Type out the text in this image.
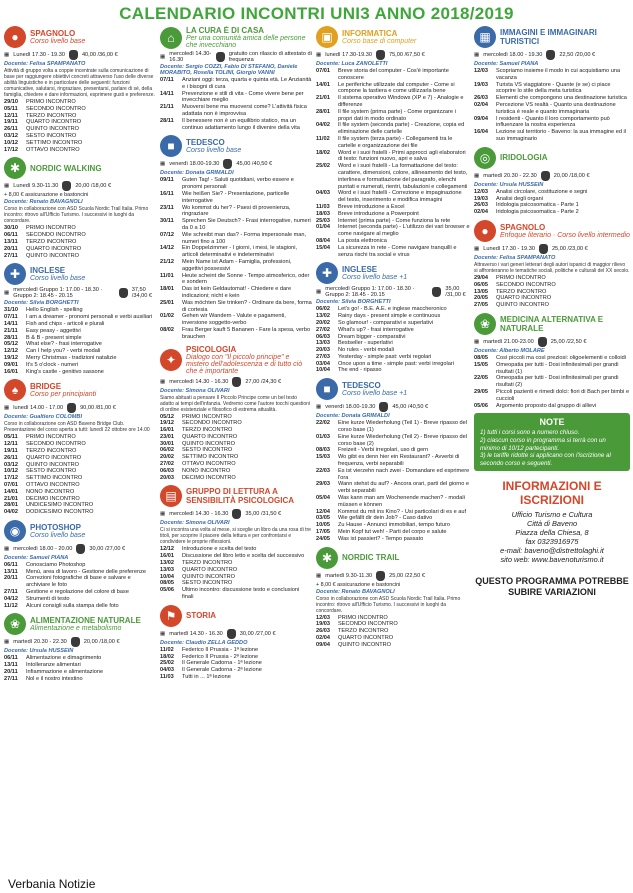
CALENDARIO INCONTRI UNI3 ANNO 2018/2019
●	SPAGNOLO
Corso livello base
▦ Lunedì 17.30 - 19.30	40,00 /36,00 €
Docente: Felisa SPAMPANATO
Attività di gruppo volta a coppie incentrate sulla comunicazione di base per raggiungere obiettivi concreti attraverso l'uso delle diverse abilità linguistiche e in particolare delle seguenti: funzioni comunicative, salutarsi, ringraziare, presentarsi, parlare di sé, della famiglia, chiedere e dare informazioni, esprimere gusti e preferenze.
29/10	PRIMO INCONTRO
05/11	SECONDO INCONTRO
12/11	TERZO INCONTRO
19/11	QUARTO INCONTRO
26/11	QUINTO INCONTRO
03/12	SESTO INCONTRO
10/12	SETTIMO INCONTRO
17/12	OTTAVO INCONTRO
✱	NORDIC WALKING
▦ Lunedì 9.30-11.30	20,00 /18,00 €
+ 8,00 € assicurazione e bastoncini
Docente: Renato BAVAGNOLI
Corso in collaborazione con ASD Scuola Nordic Trail Italia. Primo incontro: ritrovo all'Ufficio Turismo. I successivi in luoghi da concordare.
30/10	PRIMO INCONTRO
06/11	SECONDO INCONTRO
13/11	TERZO INCONTRO
20/11	QUARTO INCONTRO
27/11	QUINTO INCONTRO
✚	INGLESE
Corso livello base
▦ mercoledì Gruppo 1: 17.00 - 18.30 · Gruppo 2: 18.45 - 20.15
37,50 /34,00 €
Docente: Silvia BORGHETTI
31/10	Hello English - spelling
07/11	I am a dreamer - pronomi personali e verbi ausiliari
14/11	Fish and chips - articoli e plurali
21/11	Easy peasy - aggettivi
28/11	B & B - present simple
05/12	What else? - frasi interrogative
12/12	Can I help you? - verbi modali
19/12	Merry Christmas - tradizioni natalizie
09/01	It's 5 o'clock - numeri
16/01	King's castle - genitivo sassone
♠	BRIDGE
Corso per principianti
▦ lunedì 14.00 - 17.00	90,00 /81,00 €
Docente: Gualtiero COLOMBI
Corso in collaborazione con ASD Baveno Bridge Club. Presentazione del corso aperta a tutti: lunedì 22 ottobre ore 14.00
05/11	PRIMO INCONTRO
12/11	SECONDO INCONTRO
19/11	TERZO INCONTRO
26/11	QUARTO INCONTRO
03/12	QUINTO INCONTRO
10/12	SESTO INCONTRO
17/12	SETTIMO INCONTRO
07/01	OTTAVO INCONTRO
14/01	NONO INCONTRO
21/01	DECIMO INCONTRO
28/01	UNDICESIMO INCONTRO
04/02	DODICESIMO INCONTRO
◉	PHOTOSHOP
Corso livello base
▦ mercoledì 18.00 - 20.00	30,00 /27,00 €
Docente: Samuel PIANA
06/11	Conosciamo Photoshop
13/11	Menù, area di lavoro - Gestione delle preferenze
20/11	Correzioni fotografiche di base e salvare e archiviare le foto
27/11	Gestione e regolazione del colore di base
04/12	Strumenti di testo
11/12	Alcuni consigli sulla stampa delle foto
❀	ALIMENTAZIONE NATURALE
Alimentazione e metabolismo
▦ martedì 20.30 - 22.30	20,00 /18,00 €
Docente: Ursula HUSSEIN
06/11	Alimentazione e dimagrimento
13/11	Intolleranze alimentari
20/11	Infiammazione e alimentazione
27/11	Nol e il nostro intestino
⌂	LA CURA È DI CASA
Per una comunità amica delle persone che invecchiano
▦ mercoledì 14.30-16.30
gratuito con rilascio di attestato di frequenza
Docente: Sergio COZZI, Fabio DI STEFANO, Daniele MORABITO, Rosella TOLINI, Giorgio VANNI
07/11	Anziani oggi: terza, quarta e quinta età. Le Anzianità e i bisogni di cura
14/11	Prevenzione e stili di vita - Come vivere bene per invecchiare meglio
21/11	Muoversi bene ma muoversi come? L'attività fisica adattata non è improvvisa
28/11	Il benessere non è un equilibrio statico, ma un continuo adattamento lungo il divenire della vita
■	TEDESCO
Corso livello base
▦ venerdì 18.00-19.30	45,00 /40,50 €
Docente: Donata GRIMALDI
09/11	Guten Tag! - Saluti quotidiani, verbo essere e pronomi personali
16/11	Wie heißen Sie? - Presentazione, particelle interrogative
23/11	Wo kommst du her? - Paesi di provenienza, ringraziare
30/11	Sprechen Sie Deutsch? - Frasi interrogative, numeri da 0 a 10
07/12	Wie schreibt man das? - Forma impersonale man, numeri fino a 100
14/12	Ein Doppelzimmer - I giorni, i mesi, le stagioni, articoli determinativi e indeterminativi
21/12	Mein Name ist Adam - Famiglia, professioni, aggettivi possessivi
11/01	Heute scheint die Sonne - Tempo atmosferico, oder e sondern
18/01	Das ist kein Geldautomat! - Chiedere e dare indicazioni; nicht e kein
25/01	Was möchten Sie trinken? - Ordinare da bere, forma di cortesia
01/02	Gehen wir Wandern - Valute e pagamenti, inversione soggetto-verbo
08/02	Frau Berger kauft 5 Bananen - Fare la spesa, verbo brauchen
✦
PSICOLOGIA
Dialogo con "Il piccolo principe" e mistero dell'adolescenza e di tutto ciò che è importante
▦ mercoledì 14.30 - 16.30	27,00 /24,30 €
Docente: Simona OLIVARI
Siamo abituati a pensare Il Piccolo Principe come un bel testo adatto ai tempi dell'infanzia. Vedremo come l'autore tocchi questioni di ordine esistenziale e filosofico di estrema attualità.
05/12	PRIMO INCONTRO
19/12	SECONDO INCONTRO
16/01	TERZO INCONTRO
23/01	QUARTO INCONTRO
30/01	QUINTO INCONTRO
06/02	SESTO INCONTRO
20/02	SETTIMO INCONTRO
27/02	OTTAVO INCONTRO
06/03	NONO INCONTRO
20/03	DECIMO INCONTRO
▤	GRUPPO DI LETTURA A SENSIBILITÀ PSICOLOGICA
▦ mercoledì 14.30 - 16.30	35,00 /31,50 €
Docente: Simona OLIVARI
Ci si incontra una volta al mese, si sceglie un libro da una rosa di tre titoli, per scoprire il piacere della lettura e per confrontarsi e condividere le proprie riflessioni.
12/12	Introduzione e scelta del testo
16/01	Discussione del libro letto e scelta del successivo
13/02	TERZO INCONTRO
13/03	QUARTO INCONTRO
10/04	QUINTO INCONTRO
08/05	SESTO INCONTRO
05/06	Ultimo incontro: discussione testo e conclusioni finali
⚑	STORIA
▦ martedì 14.30 - 16.30	30,00 /27,00 €
Docente: Claudio ZELLA GEDDO
11/02	Federico II Prussia - 1ª lezione
18/02	Federico II Prussia - 2ª lezione
25/02	Il Generale Cadorna - 1ª lezione
04/03	Il Generale Cadorna - 2ª lezione
11/03	Tutti in ... 1ª lezione
▣	INFORMATICA
Corso base di computer
▦ lunedì 17.30-19.30	75,00 /67,50 €
Docente: Luca ZANOLETTI
07/01	Breve storia del computer - Cos'è importante conoscere
14/01	Le periferiche utilizzate dal computer - Come si compone la tastiera e come utilizzarla bene
21/01	Il sistema operativo Windows (XP e 7) - Analogie e differenze
28/01	Il file system (prima parte) - Come organizzare i propri dati in modo ordinato
04/02	Il file system (seconda parte) - Creazione, copia ed eliminazione delle cartelle
11/02	Il file system (terza parte) - Collegamenti tra le cartelle e organizzazione dei file
18/02	Word e i suoi fratelli - Primi approcci agli elaboratori di testo: funzioni nuovo, apri e salva
25/02	Word e i suoi fratelli - La formattazione del testo: carattere, dimensioni, colore, allineamento del testo, interlinea e formattazione del paragrafo, elenchi puntati e numerati, rientri, tabulazioni e collegamenti
04/03	Word e i suoi fratelli - Correzione e impaginazione del testo, inserimento e modifica immagini
11/03	Breve introduzione a Excel
18/03	Breve introduzione a Powerpoint
25/03	Internet (prima parte) - Come funziona la rete
01/04	Internet (seconda parte) - L'utilizzo dei vari browser e come navigare al meglio
08/04	La posta elettronica
15/04	La sicurezza in rete - Come navigare tranquilli e senza rischi tra social e virus
✚	INGLESE
Corso livello base +1
▦ mercoledì Gruppo 1: 17.00 - 18.30 · Gruppo 2: 18.45 - 20.15
35,00 /31,00 €
Docente: Silvia BORGHETTI
06/02	Let's go! - B.E. A.E. e inglese maccheronico
13/02	Rainy days - present simple e continuous
20/02	So glamour! - comparativi e superlativi
27/02	What's up? - frasi interrogative
06/03	Dream bigger - comparativi
13/03	Bestseller - superlativi
20/03	No rules - verbi modali
27/03	Yesterday - simple past: verbi regolari
03/04	Once upon a time - simple past: verbi irregolari
10/04	The end - ripasso
■	TEDESCO
Corso livello base +1
▦ venerdì 18.00-19.30	45,00 /40,50 €
Docente: Donata GRIMALDI
22/02	Eine kurze Wiederholung (Teil 1) - Breve ripasso del corso base (1)
01/03	Eine kurze Wiederholung (Teil 2) - Breve ripasso del corso base (2)
08/03	Freizeit - Verbi irregolari, uso di gern
15/03	Wo gibt es denn hier ein Restaurant? - Avverbi di frequenza, verbi separabili
22/03	Es ist vierzehn nach zwei - Domandare ed esprimere l'ora
29/03	Wann stehst du auf? - Ancora orari, parti del giorno e verbi separabili
05/04	Was kann man am Wochenende machen? - modali müssen e können
12/04	Kommst du mit ins Kino? - Usi particolari di es e auf
03/05	Wie gefällt dir dein Job? - Caso dativo
10/05	Zu Hause - Annunci immobiliari, tempo futuro
17/05	Mein Kopf tut weh! - Parti del corpo e salute
24/05	Was ist passiert? - Tempo passato
✱	NORDIC TRAIL
▦ martedì 9.30-11.30	25,00 /22,50 €
+ 8,00 € assicurazione e bastoncini
Docente: Renato BAVAGNOLI
Corso in collaborazione con ASD Scuola Nordic Trail Italia. Primo incontro: ritrovo all'Ufficio Turismo. I successivi in luoghi da concordare.
12/03	PRIMO INCONTRO
19/03	SECONDO INCONTRO
26/03	TERZO INCONTRO
02/04	QUARTO INCONTRO
09/04	QUINTO INCONTRO
▦	IMMAGINI E IMMAGINARI TURISTICI
▦ mercoledì 18.00 - 19.30	22,50 /20,00 €
Docente: Samuel PIANA
12/03	Scopriamo insieme il modo in cui acquistiamo una vacanza
19/03	Turista VS viaggiatore - Quante (e se) ci piace scoprire lo stile della meta turistica
26/03	Elementi che compongono una destinazione turistica
02/04	Percezione VS realtà - Quanto una destinazione turistica è reale e quanto immaginaria
09/04	I residenti - Quanto il loro comportamento può influenzare la nostra esperienza
16/04	Lezione sul territorio - Baveno: la sua immagine ed il suo immaginario
◎	IRIDOLOGIA
▦ martedì 20.30 - 22.30	20,00 /18,00 €
Docente: Ursula HUSSEIN
12/03	Analisi circolare, costituzione e segni
19/03	Analisi degli organi
26/03	Iridologia psicosomatica - Parte 1
02/04	Iridologia psicosomatica - Parte 2
●	SPAGNOLO
Enfoque literario · Corso livello intermedio
▦ Lunedì 17.30 - 19.30	25,00 /23,00 €
Docente: Felisa SPAMPANATO
Attraverso i vari generi letterari degli autori ispanici di maggior rilievo si affronteranno le tematiche sociali, politiche e culturali del XX secolo.
29/04	PRIMO INCONTRO
06/05	SECONDO INCONTRO
13/05	TERZO INCONTRO
20/05	QUARTO INCONTRO
27/05	QUINTO INCONTRO
❀	MEDICINA ALTERNATIVA E NATURALE
▦ martedì 21.00-23.00	25,00 /22,50 €
Docente: Alberto MOLARE
08/05	Così piccoli ma così preziosi: oligoelementi e colloidi
15/05	Omeopatia per tutti - Dosi infinitesimali per grandi risultati (1)
22/05	Omeopatia per tutti - Dosi infinitesimali per grandi risultati (2)
29/05	Piccoli pazienti e rimedi dolci: fiori di Bach per bimbi e cuccioli
05/06	Argomento proposto dal gruppo di allievi
NOTE

1) tutti i corsi sono a numero chiuso.

2) ciascun corso in programma si terrà con un minimo di 10/12 partecipanti.

3) le tariffe ridotte si applicano con l'iscrizione al secondo corso e seguenti.

INFORMAZIONI E ISCRIZIONI

Ufficio Turismo e Cultura

Città di Baveno

Piazza della Chiesa, 8

fax 0323916975

e-mail: baveno@distrettolaghi.it

sito web: www.bavenoturismo.it

QUESTO PROGRAMMA POTREBBE SUBIRE VARIAZIONI
Verbania Notizie
